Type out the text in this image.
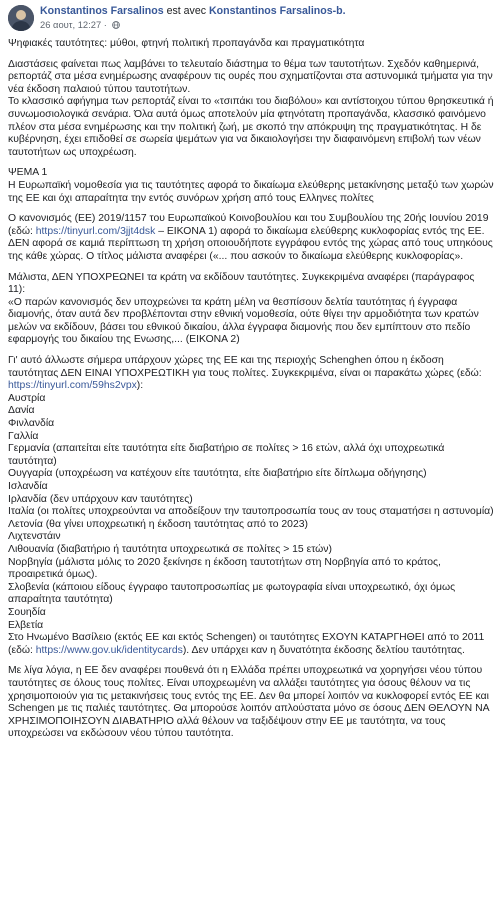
Konstantinos Farsalinos est avec Konstantinos Farsalinos-b.
26 αουτ, 12:27 ·

Ψηφιακές ταυτότητες: μύθοι, φτηνή πολιτική προπαγάνδα και πραγματικότητα

Διαστάσεις φαίνεται πως λαμβάνει το τελευταίο διάστημα το θέμα των ταυτοτήτων. Σχεδόν καθημερινά, ρεπορτάζ στα μέσα ενημέρωσης αναφέρουν τις ουρές που σχηματίζονται στα αστυνομικά τμήματα για την νέα έκδοση παλαιού τύπου ταυτοτήτων.

Το κλασσικό αφήγημα των ρεπορτάζ είναι το «τσιπάκι του διαβόλου» και αντίστοιχου τύπου θρησκευτικά ή συνωμοσιολογικά σενάρια. Όλα αυτά όμως αποτελούν μία φτηνότατη προπαγάνδα, κλασσικό φαινόμενο πλέον στα μέσα ενημέρωσης και την πολιτική ζωή, με σκοπό την απόκρυψη της πραγματικότητας. Η δε κυβέρνηση, έχει επιδοθεί σε σωρεία ψεμάτων για να δικαιολογήσει την διαφαινόμενη επιβολή των νέων ταυτοτήτων ως υποχρέωση.

ΨΕΜΑ 1

Η Ευρωπαϊκή νομοθεσία για τις ταυτότητες αφορά το δικαίωμα ελεύθερης μετακίνησης μεταξύ των χωρών της ΕΕ και όχι απαραίτητα την εντός συνόρων χρήση από τους Ελληνες πολίτες

Ο κανονισμός (ΕΕ) 2019/1157 του Ευρωπαϊκού Κοινοβουλίου και του Συμβουλίου της 20ής Ιουνίου 2019 (εδώ: https://tinyurl.com/3jjt4dsk – ΕΙΚΟΝΑ 1) αφορά το δικαίωμα ελεύθερης κυκλοφορίας εντός της ΕΕ. ΔΕΝ αφορά σε καμιά περίπτωση τη χρήση οποιουδήποτε εγγράφου εντός της χώρας από τους υπηκόους της κάθε χώρας. Ο τίτλος μάλιστα αναφέρει («... που ασκούν το δικαίωμα ελεύθερης κυκλοφορίας».

Μάλιστα, ΔΕΝ ΥΠΟΧΡΕΩΝΕΙ τα κράτη να εκδίδουν ταυτότητες. Συγκεκριμένα αναφέρει (παράγραφος 11):

«Ο παρών κανονισμός δεν υποχρεώνει τα κράτη μέλη να θεσπίσουν δελτία ταυτότητας ή έγγραφα διαμονής, όταν αυτά δεν προβλέπονται στην εθνική νομοθεσία, ούτε θίγει την αρμοδιότητα των κρατών μελών να εκδίδουν, βάσει του εθνικού δικαίου, άλλα έγγραφα διαμονής που δεν εμπίπτουν στο πεδίο εφαρμογής του δικαίου της Ενωσης,... (ΕΙΚΟΝΑ 2)

Γι' αυτό άλλωστε σήμερα υπάρχουν χώρες της ΕΕ και της περιοχής Schenghen όπου η έκδοση ταυτότητας ΔΕΝ ΕΙΝΑΙ ΥΠΟΧΡΕΩΤΙΚΗ για τους πολίτες. Συγκεκριμένα, είναι οι παρακάτω χώρες (εδώ: https://tinyurl.com/59hs2vpx):

Αυστρία

Δανία

Φινλανδία

Γαλλία

Γερμανία (απαιτείται είτε ταυτότητα είτε διαβατήριο σε πολίτες > 16 ετών, αλλά όχι υποχρεωτικά ταυτότητα)

Ουγγαρία (υποχρέωση να κατέχουν είτε ταυτότητα, είτε διαβατήριο είτε δίπλωμα οδήγησης)

Ισλανδία

Ιρλανδία (δεν υπάρχουν καν ταυτότητες)

Ιταλία (οι πολίτες υποχρεούνται να αποδείξουν την ταυτοπροσωπία τους αν τους σταματήσει η αστυνομία)

Λετονία (θα γίνει υποχρεωτική η έκδοση ταυτότητας από το 2023)

Λιχτενστάιν

Λιθουανία (διαβατήριο ή ταυτότητα υποχρεωτικά σε πολίτες > 15 ετών)

Νορβηγία (μάλιστα μόλις το 2020 ξεκίνησε η έκδοση ταυτοτήτων στη Νορβηγία από το κράτος, προαιρετικά όμως).

Σλοβενία (κάποιου είδους έγγραφο ταυτοπροσωπίας με φωτογραφία είναι υποχρεωτικό, όχι όμως απαραίτητα ταυτότητα)

Σουηδία

Ελβετία

Στο Ηνωμένο Βασίλειο (εκτός ΕΕ και εκτός Schengen) οι ταυτότητες ΕΧΟΥΝ ΚΑΤΑΡΓΗΘΕΙ από το 2011 (εδώ: https://www.gov.uk/identitycards). Δεν υπάρχει καν η δυνατότητα έκδοσης δελτίου ταυτότητας.

Με λίγα λόγια, η ΕΕ δεν αναφέρει πουθενά ότι η Ελλάδα πρέπει υποχρεωτικά να χορηγήσει νέου τύπου ταυτότητες σε όλους τους πολίτες. Είναι υποχρεωμένη να αλλάξει ταυτότητες για όσους θέλουν να τις χρησιμοποιούν για τις μετακινήσεις τους εντός της ΕΕ. Δεν θα μπορεί λοιπόν να κυκλοφορεί εντός ΕΕ και Schengen με τις παλιές ταυτότητες. Θα μπορούσε λοιπόν απλούστατα μόνο σε όσους ΔΕΝ ΘΕΛΟΥΝ ΝΑ ΧΡΗΣΙΜΟΠΟΙΗΣΟΥΝ ΔΙΑΒΑΤΗΡΙΟ αλλά θέλουν να ταξιδέψουν στην ΕΕ με ταυτότητα, να τους υποχρεώσει να εκδώσουν νέου τύπου ταυτότητα.
